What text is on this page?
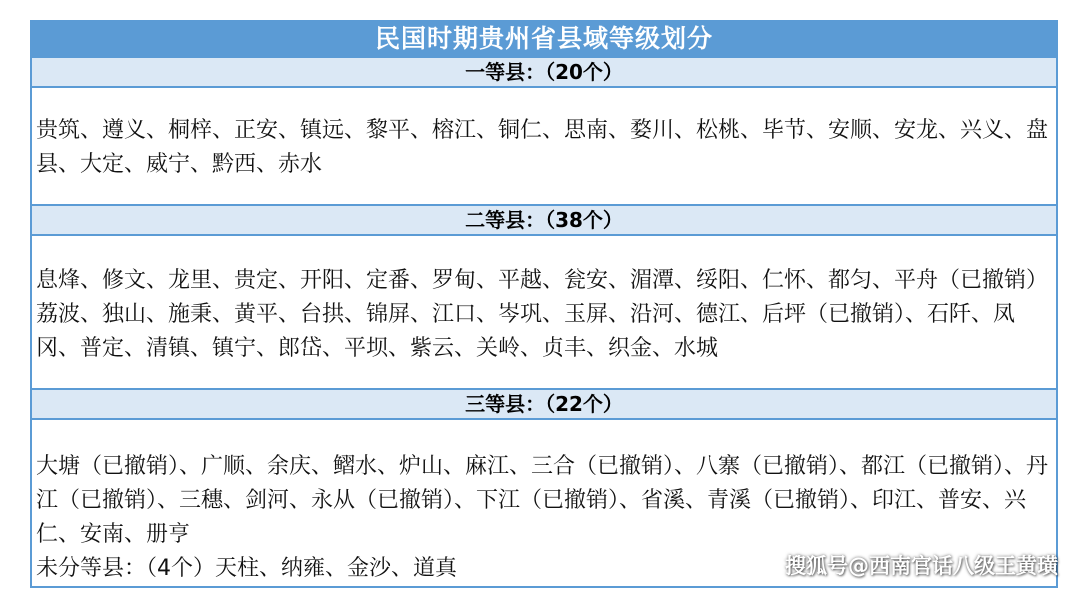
民国时期贵州省县域等级划分
一等县：（20个）
贵筑、遵义、桐梓、正安、镇远、黎平、榕江、铜仁、思南、婺川、松桃、毕节、安顺、安龙、兴义、盘县、大定、威宁、黔西、赤水
二等县：（38个）
息烽、修文、龙里、贵定、开阳、定番、罗甸、平越、瓮安、湄潭、绥阳、仁怀、都匀、平舟（已撤销）荔波、独山、施秉、黄平、台拱、锦屏、江口、岑巩、玉屏、沿河、德江、后坪（已撤销）、石阡、凤冈、普定、清镇、镇宁、郎岱、平坝、紫云、关岭、贞丰、织金、水城
三等县：（22个）
大塘（已撤销）、广顺、余庆、鳛水、炉山、麻江、三合（已撤销）、八寨（已撤销）、都江（已撤销）、丹江（已撤销）、三穗、剑河、永从（已撤销）、下江（已撤销）、省溪、青溪（已撤销）、印江、普安、兴仁、安南、册亨
未分等县：（4个）天柱、纳雍、金沙、道真	搜狐号@西南官话八级王黄璜
